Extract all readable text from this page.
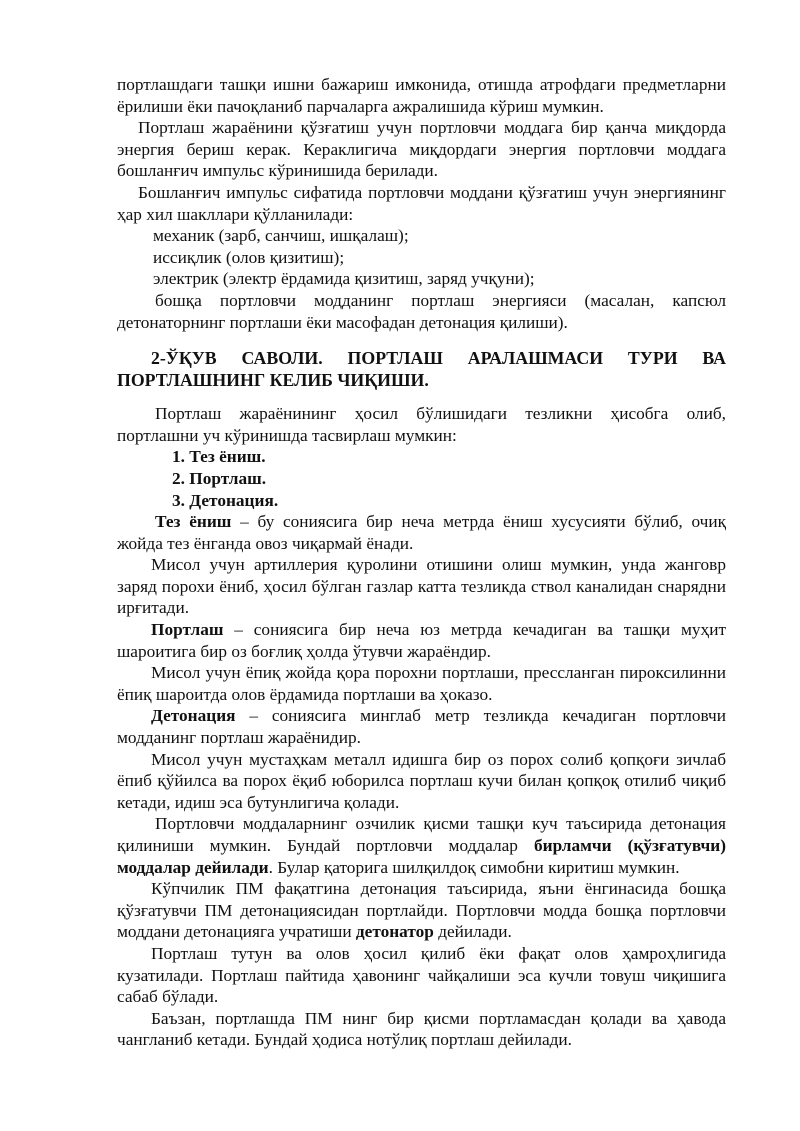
портлашдаги ташқи ишни бажариш имконида, отишда атрофдаги предметларни ёрилиши ёки пачоқланиб парчаларга ажралишида кўриш мумкин.

Портлаш жараёнини қўзғатиш учун портловчи моддага бир қанча миқдорда энергия бериш керак. Кераклигича миқдордаги энергия портловчи моддага бошланғич импульс кўринишида берилади.

Бошланғич импульс сифатида портловчи моддани қўзғатиш учун энергиянинг ҳар хил шакллари қўлланилади:

механик (зарб, санчиш, ишқалаш);

иссиқлик (олов қизитиш);

электрик (электр ёрдамида қизитиш, заряд учқуни);

бошқа портловчи модданинг портлаш энергияси (масалан, капсюл детонаторнинг портлаши ёки масофадан детонация қилиши).

2-ЎҚУВ САВОЛИ. ПОРТЛАШ АРАЛАШМАСИ ТУРИ ВА ПОРТЛАШНИНГ КЕЛИБ ЧИҚИШИ.

Портлаш жараёнининг ҳосил бўлишидаги тезликни ҳисобга олиб, портлашни уч кўринишда тасвирлаш мумкин:

1. Тез ёниш.

2. Портлаш.

3. Детонация.

Тез ёниш – бу сониясига бир неча метрда ёниш хусусияти бўлиб, очиқ жойда тез ёнганда овоз чиқармай ёнади.

Мисол учун артиллерия қуролини отишини олиш мумкин, унда жанговр заряд порохи ёниб, ҳосил бўлган газлар катта тезликда ствол каналидан снарядни ирғитади.

Портлаш – сониясига бир неча юз метрда кечадиган ва ташқи муҳит шароитига бир оз боғлиқ ҳолда ўтувчи жараёндир.

Мисол учун ёпиқ жойда қора порохни портлаши, прессланган пироксилинни ёпиқ шароитда олов ёрдамида портлаши ва ҳоказо.

Детонация – сониясига минглаб метр тезликда кечадиган портловчи модданинг портлаш жараёнидир.

Мисол учун мустаҳкам металл идишга бир оз порох солиб қопқоғи зичлаб ёпиб қўйилса ва порох ёқиб юборилса портлаш кучи билан қопқоқ отилиб чиқиб кетади, идиш эса бутунлигича қолади.

Портловчи моддаларнинг озчилик қисми ташқи куч таъсирида детонация қилиниши мумкин. Бундай портловчи моддалар бирламчи (қўзғатувчи) моддалар дейилади. Булар қаторига шилқилдоқ симобни киритиш мумкин.

Кўпчилик ПМ фақатгина детонация таъсирида, яъни ёнгинасида бошқа қўзғатувчи ПМ детонациясидан портлайди. Портловчи модда бошқа портловчи моддани детонацияга учратиши детонатор дейилади.

Портлаш тутун ва олов ҳосил қилиб ёки фақат олов ҳамроҳлигида кузатилади. Портлаш пайтида ҳавонинг чайқалиши эса кучли товуш чиқишига сабаб бўлади.

Баъзан, портлашда ПМ нинг бир қисми портламасдан қолади ва ҳавода чангланиб кетади. Бундай ҳодиса нотўлиқ портлаш дейилади.
